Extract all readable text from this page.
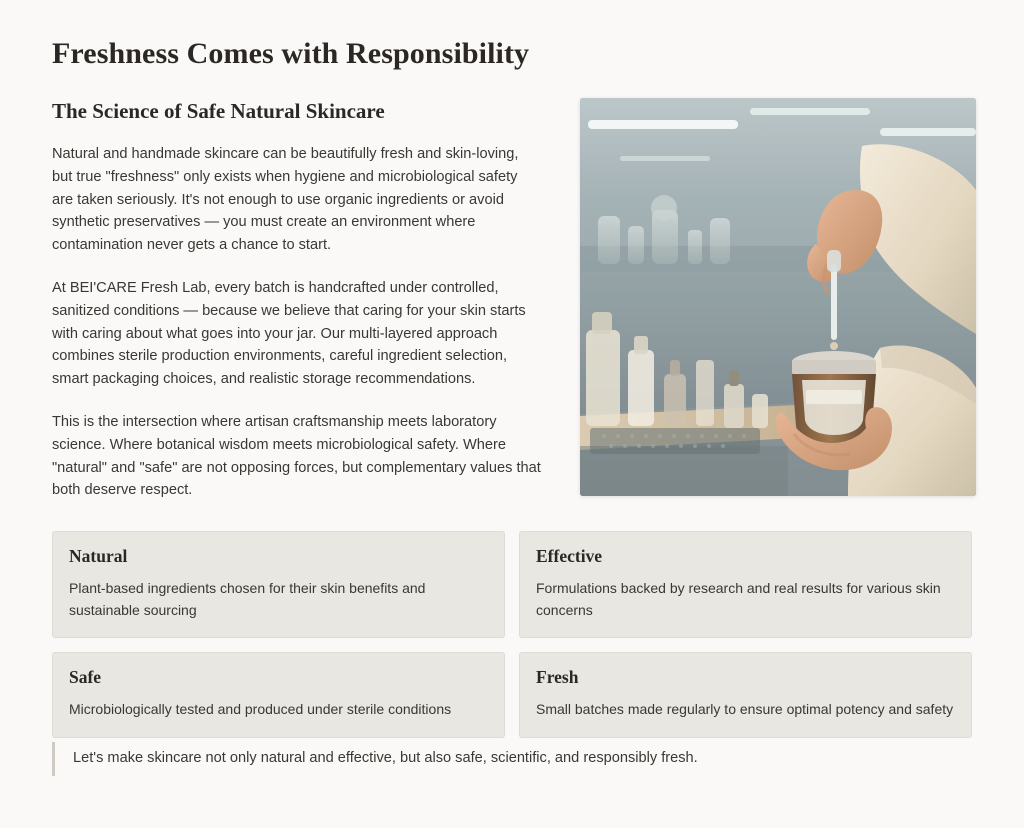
Freshness Comes with Responsibility
The Science of Safe Natural Skincare

Natural and handmade skincare can be beautifully fresh and skin-loving, but true "freshness" only exists when hygiene and microbiological safety are taken seriously. It's not enough to use organic ingredients or avoid synthetic preservatives — you must create an environment where contamination never gets a chance to start.

At BEI'CARE Fresh Lab, every batch is handcrafted under controlled, sanitized conditions — because we believe that caring for your skin starts with caring about what goes into your jar. Our multi-layered approach combines sterile production environments, careful ingredient selection, smart packaging choices, and realistic storage recommendations.

This is the intersection where artisan craftsmanship meets laboratory science. Where botanical wisdom meets microbiological safety. Where "natural" and "safe" are not opposing forces, but complementary values that both deserve respect.

Natural

Plant-based ingredients chosen for their skin benefits and sustainable sourcing

Effective

Formulations backed by research and real results for various skin concerns

Safe

Microbiologically tested and produced under sterile conditions

Fresh

Small batches made regularly to ensure optimal potency and safety

Let's make skincare not only natural and effective, but also safe, scientific, and responsibly fresh.
